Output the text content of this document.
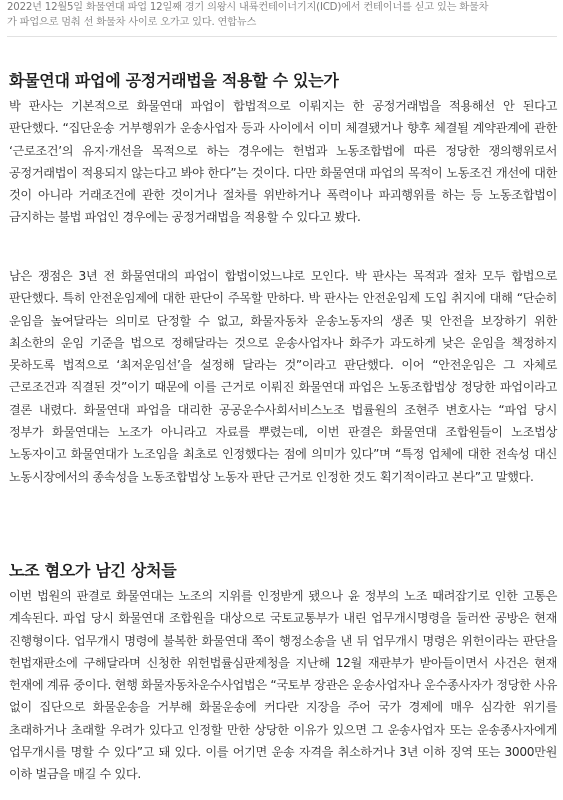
2022년 12월5일 화물연대 파업 12일째 경기 의왕시 내륙컨테이너기지(ICD)에서 컨테이너를 싣고 있는 화물차
가 파업으로 멈춰 선 화물차 사이로 오가고 있다. 연합뉴스
화물연대 파업에 공정거래법을 적용할 수 있는가

박 판사는 기본적으로 화물연대 파업이 합법적으로 이뤄지는 한 공정거래법을 적용해선 안 된다고 판단했다. “집단운송 거부행위가 운송사업자 등과 사이에서 이미 체결됐거나 향후 체결될 계약관계에 관한 ‘근로조건’의 유지·개선을 목적으로 하는 경우에는 헌법과 노동조합법에 따른 정당한 쟁의행위로서 공정거래법이 적용되지 않는다고 봐야 한다”는 것이다. 다만 화물연대 파업의 목적이 노동조건 개선에 대한 것이 아니라 거래조건에 관한 것이거나 절차를 위반하거나 폭력이나 파괴행위를 하는 등 노동조합법이 금지하는 불법 파업인 경우에는 공정거래법을 적용할 수 있다고 봤다.

남은 쟁점은 3년 전 화물연대의 파업이 합법이었느냐로 모인다. 박 판사는 목적과 절차 모두 합법으로 판단했다. 특히 안전운임제에 대한 판단이 주목할 만하다. 박 판사는 안전운임제 도입 취지에 대해 “단순히 운임을 높여달라는 의미로 단정할 수 없고, 화물자동차 운송노동자의 생존 및 안전을 보장하기 위한 최소한의 운임 기준을 법으로 정해달라는 것으로 운송사업자나 화주가 과도하게 낮은 운임을 책정하지 못하도록 법적으로 ‘최저운임선’을 설정해 달라는 것”이라고 판단했다. 이어 “안전운임은 그 자체로 근로조건과 직결된 것”이기 때문에 이를 근거로 이뤄진 화물연대 파업은 노동조합법상 정당한 파업이라고 결론 내렸다. 화물연대 파업을 대리한 공공운수사회서비스노조 법률원의 조현주 변호사는 “파업 당시 정부가 화물연대는 노조가 아니라고 자료를 뿌렸는데, 이번 판결은 화물연대 조합원들이 노조법상 노동자이고 화물연대가 노조임을 최초로 인정했다는 점에 의미가 있다”며 “특정 업체에 대한 전속성 대신 노동시장에서의 종속성을 노동조합법상 노동자 판단 근거로 인정한 것도 획기적이라고 본다”고 말했다.

노조 혐오가 남긴 상처들

이번 법원의 판결로 화물연대는 노조의 지위를 인정받게 됐으나 윤 정부의 노조 때려잡기로 인한 고통은 계속된다. 파업 당시 화물연대 조합원을 대상으로 국토교통부가 내린 업무개시명령을 둘러싼 공방은 현재 진행형이다. 업무개시 명령에 불복한 화물연대 쪽이 행정소송을 낸 뒤 업무개시 명령은 위헌이라는 판단을 헌법재판소에 구해달라며 신청한 위헌법률심판제청을 지난해 12월 재판부가 받아들이면서 사건은 현재 헌재에 계류 중이다. 현행 화물자동차운수사업법은 “국토부 장관은 운송사업자나 운수종사자가 정당한 사유 없이 집단으로 화물운송을 거부해 화물운송에 커다란 지장을 주어 국가 경제에 매우 심각한 위기를 초래하거나 초래할 우려가 있다고 인정할 만한 상당한 이유가 있으면 그 운송사업자 또는 운송종사자에게 업무개시를 명할 수 있다”고 돼 있다. 이를 어기면 운송 자격을 취소하거나 3년 이하 징역 또는 3000만원 이하 벌금을 매길 수 있다.
